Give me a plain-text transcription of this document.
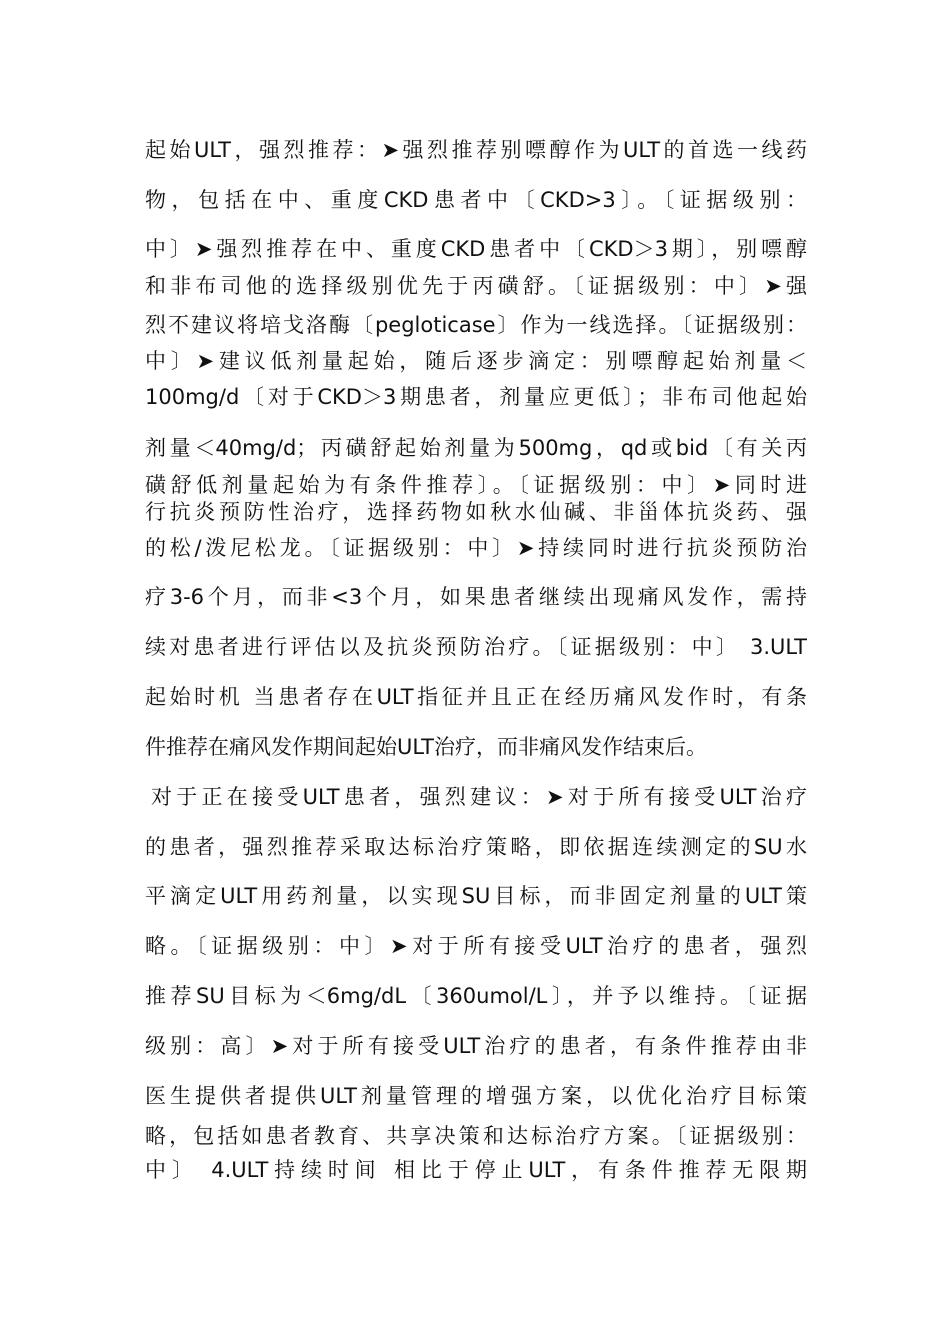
起始ULT，强烈推荐：➤强烈推荐别嘌醇作为ULT的首选一线药
物，包括在中、重度CKD患者中〔CKD>3〕。〔证据级别：
中〕➤强烈推荐在中、重度CKD患者中〔CKD＞3期〕，别嘌醇
和非布司他的选择级别优先于丙磺舒。〔证据级别：中〕➤强
烈不建议将培戈洛酶〔pegloticase〕作为一线选择。〔证据级别：
中〕➤建议低剂量起始，随后逐步滴定：别嘌醇起始剂量＜
100mg/d〔对于CKD＞3期患者，剂量应更低〕；非布司他起始
剂量＜40mg/d；丙磺舒起始剂量为500mg，qd或bid〔有关丙
磺舒低剂量起始为有条件推荐〕。〔证据级别：中〕➤同时进
行抗炎预防性治疗，选择药物如秋水仙碱、非甾体抗炎药、强
的松/泼尼松龙。〔证据级别：中〕➤持续同时进行抗炎预防治
疗3-6个月，而非<3个月，如果患者继续出现痛风发作，需持
续对患者进行评估以及抗炎预防治疗。〔证据级别：中〕 3.ULT
起始时机 当患者存在ULT指征并且正在经历痛风发作时，有条
件推荐在痛风发作期间起始ULT治疗，而非痛风发作结束后。
对于正在接受ULT患者，强烈建议：➤对于所有接受ULT治疗
的患者，强烈推荐采取达标治疗策略，即依据连续测定的SU水
平滴定ULT用药剂量，以实现SU目标，而非固定剂量的ULT策
略。〔证据级别：中〕➤对于所有接受ULT治疗的患者，强烈
推荐SU目标为＜6mg/dL〔360umol/L〕，并予以维持。〔证据
级别：高〕➤对于所有接受ULT治疗的患者，有条件推荐由非
医生提供者提供ULT剂量管理的增强方案，以优化治疗目标策
略，包括如患者教育、共享决策和达标治疗方案。〔证据级别：
中〕 4.ULT持续时间 相比于停止ULT，有条件推荐无限期
